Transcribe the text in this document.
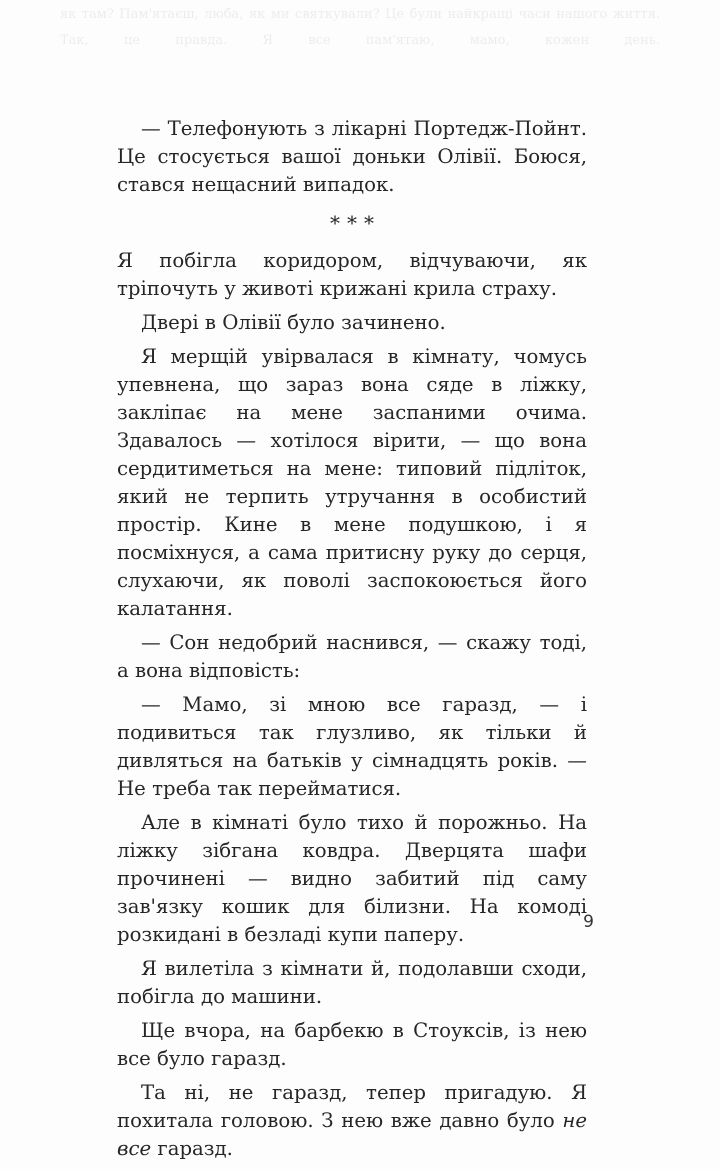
як там? Пам'ятаєш, люба, як ми святкували? Це були найкращі часи нашого життя.
Так, це правда. Я все пам'ятаю, мамо, кожен день.

— Телефонують з лікарні Портедж-Пойнт. Це стосується вашої доньки Олівії. Боюся, стався нещасний випадок.

***

Я побігла коридором, відчуваючи, як тріпочуть у животі крижані крила страху.

Двері в Олівії було зачинено.

Я мерщій увірвалася в кімнату, чомусь упевнена, що зараз вона сяде в ліжку, закліпає на мене заспаними очима. Здавалось — хотілося вірити, — що вона сердитиметься на мене: типовий підліток, який не терпить утручання в особистий простір. Кине в мене подушкою, і я посміхнуся, а сама притисну руку до серця, слухаючи, як поволі заспокоюється його калатання.

— Сон недобрий наснився, — скажу тоді, а вона відповість:

— Мамо, зі мною все гаразд, — і подивиться так глузливо, як тільки й дивляться на батьків у сімнадцять років. — Не треба так перейматися.

Але в кімнаті було тихо й порожньо. На ліжку зібгана ковдра. Дверцята шафи прочинені — видно забитий під саму зав'язку кошик для білизни. На комоді розкидані в безладі купи паперу.

Я вилетіла з кімнати й, подолавши сходи, побігла до машини.

Ще вчора, на барбекю в Стоуксів, із нею все було гаразд.

Та ні, не гаразд, тепер пригадую. Я похитала головою. З нею вже давно було не все гаразд.

9
